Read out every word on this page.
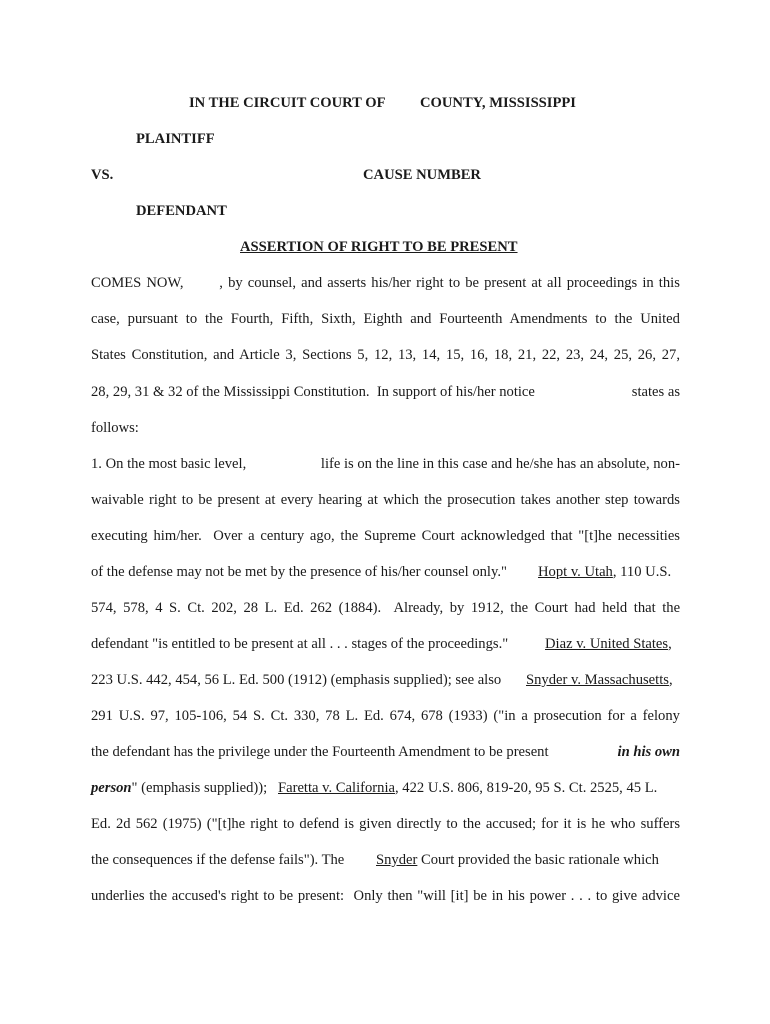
IN THE CIRCUIT COURT OF COUNTY, MISSISSIPPI
PLAINTIFF
VS.	CAUSE NUMBER
DEFENDANT
ASSERTION OF RIGHT TO BE PRESENT
COMES NOW,       , by counsel, and asserts his/her right to be present at all proceedings in this
case, pursuant to the Fourth, Fifth, Sixth, Eighth and Fourteenth Amendments to the United
States Constitution, and Article 3, Sections 5, 12, 13, 14, 15, 16, 18, 21, 22, 23, 24, 25, 26, 27,
28, 29, 31 & 32 of the Mississippi Constitution.  In support of his/her notice	states as
follows:
1. On the most basic level,	life is on the line in this case and he/she has an absolute, non-
waivable right to be present at every hearing at which the prosecution takes another step towards
executing him/her.  Over a century ago, the Supreme Court acknowledged that "[t]he necessities
of the defense may not be met by the presence of his/her counsel only." Hopt v. Utah, 110 U.S.
574, 578, 4 S. Ct. 202, 28 L. Ed. 262 (1884).  Already, by 1912, the Court had held that the
defendant "is entitled to be present at all . . . stages of the proceedings."	Diaz v. United States,
223 U.S. 442, 454, 56 L. Ed. 500 (1912) (emphasis supplied); see also Snyder v. Massachusetts,
291 U.S. 97, 105-106, 54 S. Ct. 330, 78 L. Ed. 674, 678 (1933) ("in a prosecution for a felony
the defendant has the privilege under the Fourteenth Amendment to be present	in his own
person" (emphasis supplied)); Faretta v. California, 422 U.S. 806, 819-20, 95 S. Ct. 2525, 45 L.
Ed. 2d 562 (1975) ("[t]he right to defend is given directly to the accused; for it is he who suffers
the consequences if the defense fails"). The Snyder Court provided the basic rationale which
underlies the accused's right to be present:  Only then "will [it] be in his power . . . to give advice
